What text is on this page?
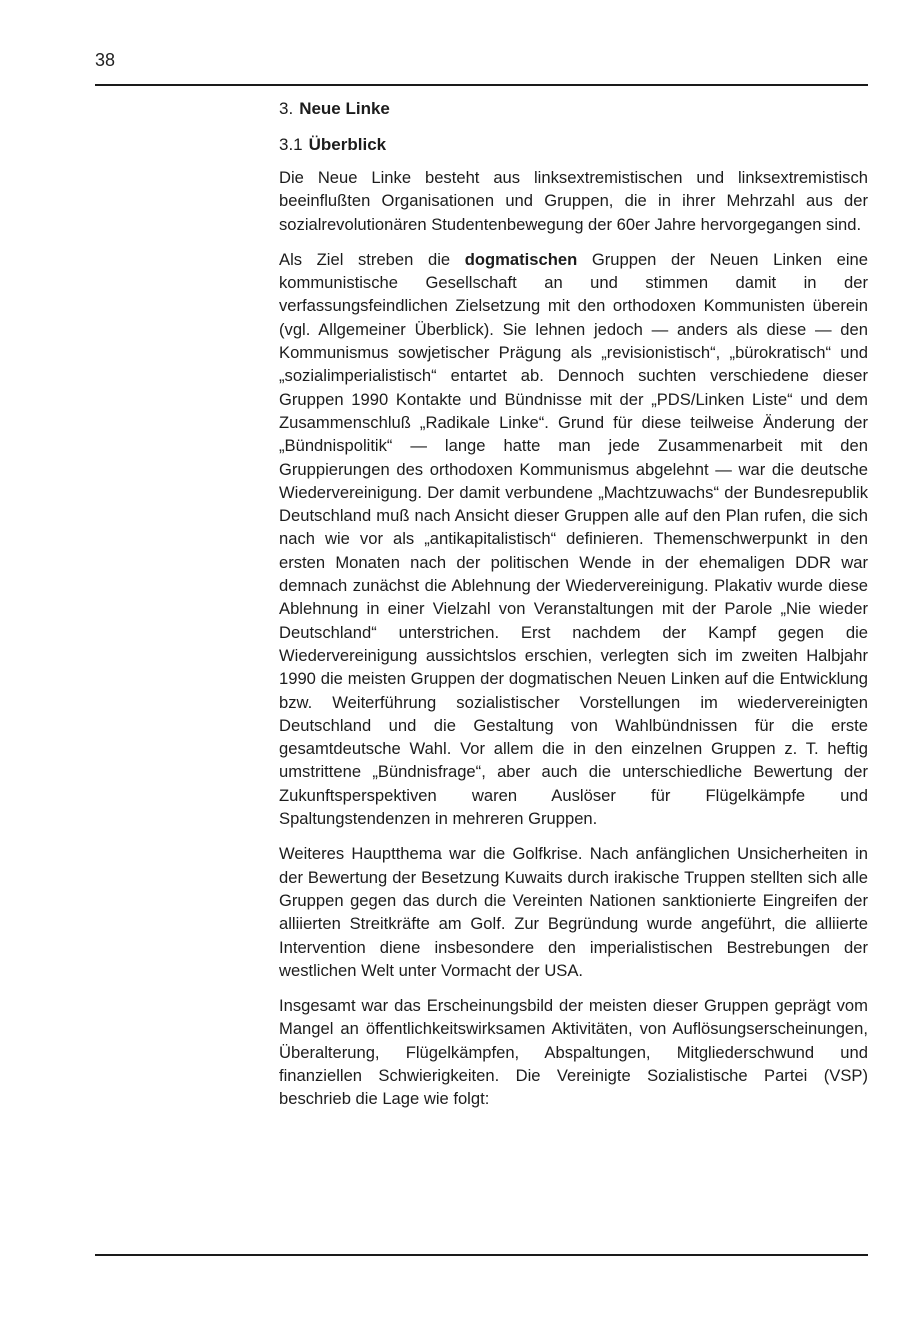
38
3. Neue Linke
3.1 Überblick

Die Neue Linke besteht aus linksextremistischen und linksextremistisch beeinflußten Organisationen und Gruppen, die in ihrer Mehrzahl aus der sozialrevolutionären Studentenbewegung der 60er Jahre hervorgegangen sind.

Als Ziel streben die dogmatischen Gruppen der Neuen Linken eine kommunistische Gesellschaft an und stimmen damit in der verfassungsfeindlichen Zielsetzung mit den orthodoxen Kommunisten überein (vgl. Allgemeiner Überblick). Sie lehnen jedoch — anders als diese — den Kommunismus sowjetischer Prägung als „revisionistisch“, „bürokratisch“ und „sozialimperialistisch“ entartet ab. Dennoch suchten verschiedene dieser Gruppen 1990 Kontakte und Bündnisse mit der „PDS/Linken Liste“ und dem Zusammenschluß „Radikale Linke“. Grund für diese teilweise Änderung der „Bündnispolitik“ — lange hatte man jede Zusammenarbeit mit den Gruppierungen des orthodoxen Kommunismus abgelehnt — war die deutsche Wiedervereinigung. Der damit verbundene „Machtzuwachs“ der Bundesrepublik Deutschland muß nach Ansicht dieser Gruppen alle auf den Plan rufen, die sich nach wie vor als „antikapitalistisch“ definieren. Themenschwerpunkt in den ersten Monaten nach der politischen Wende in der ehemaligen DDR war demnach zunächst die Ablehnung der Wiedervereinigung. Plakativ wurde diese Ablehnung in einer Vielzahl von Veranstaltungen mit der Parole „Nie wieder Deutschland“ unterstrichen. Erst nachdem der Kampf gegen die Wiedervereinigung aussichtslos erschien, verlegten sich im zweiten Halbjahr 1990 die meisten Gruppen der dogmatischen Neuen Linken auf die Entwicklung bzw. Weiterführung sozialistischer Vorstellungen im wiedervereinigten Deutschland und die Gestaltung von Wahlbündnissen für die erste gesamtdeutsche Wahl. Vor allem die in den einzelnen Gruppen z. T. heftig umstrittene „Bündnisfrage“, aber auch die unterschiedliche Bewertung der Zukunftsperspektiven waren Auslöser für Flügelkämpfe und Spaltungstendenzen in mehreren Gruppen.

Weiteres Hauptthema war die Golfkrise. Nach anfänglichen Unsicherheiten in der Bewertung der Besetzung Kuwaits durch irakische Truppen stellten sich alle Gruppen gegen das durch die Vereinten Nationen sanktionierte Eingreifen der alliierten Streitkräfte am Golf. Zur Begründung wurde angeführt, die alliierte Intervention diene insbesondere den imperialistischen Bestrebungen der westlichen Welt unter Vormacht der USA.

Insgesamt war das Erscheinungsbild der meisten dieser Gruppen geprägt vom Mangel an öffentlichkeitswirksamen Aktivitäten, von Auflösungserscheinungen, Überalterung, Flügelkämpfen, Abspaltungen, Mitgliederschwund und finanziellen Schwierigkeiten. Die Vereinigte Sozialistische Partei (VSP) beschrieb die Lage wie folgt:
